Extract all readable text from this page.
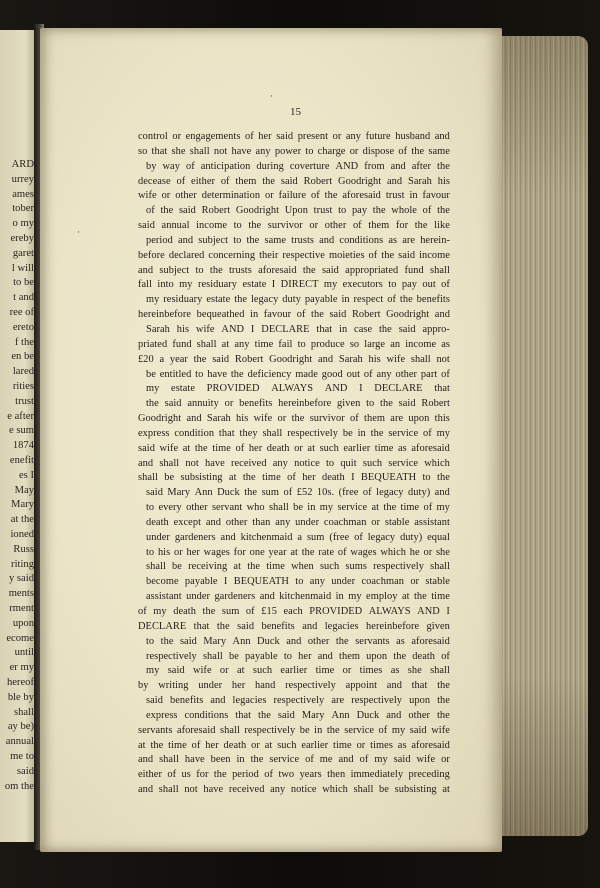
ARD
urrey
ames
tober
o my
ereby
garet
l will
to be
t and
ree of
ereto
f the
en be
lared
rities
trust
e after
e sum
1874
enefit
es I
May
Mary
at the
ioned
Russ
riting
y said
ments
rment
upon
ecome
until
er my
hereof
ble by
shall
ay be)
annual
me to
said
om the
·
·
15
control or engagements of her said present or any future husband and
so that she shall not have any power to charge or dispose of the same
by way of anticipation during coverture AND from and after the
decease of either of them the said Robert Goodright and Sarah his
wife or other determination or failure of the aforesaid trust in favour
of the said Robert Goodright Upon trust to pay the whole of the
said annual income to the survivor or other of them for the like
period and subject to the same trusts and conditions as are herein-
before declared concerning their respective moieties of the said income
and subject to the trusts aforesaid the said appropriated fund shall
fall into my residuary estate I DIRECT my executors to pay out of
my residuary estate the legacy duty payable in respect of the benefits
hereinbefore bequeathed in favour of the said Robert Goodright and
Sarah his wife AND I DECLARE that in case the said appro-
priated fund shall at any time fail to produce so large an income as
£20 a year the said Robert Goodright and Sarah his wife shall not
be entitled to have the deficiency made good out of any other part of
my estate PROVIDED ALWAYS AND I DECLARE that
the said annuity or benefits hereinbefore given to the said Robert
Goodright and Sarah his wife or the survivor of them are upon this
express condition that they shall respectively be in the service of my
said wife at the time of her death or at such earlier time as aforesaid
and shall not have received any notice to quit such service which
shall be subsisting at the time of her death I BEQUEATH to the
said Mary Ann Duck the sum of £52 10s. (free of legacy duty) and
to every other servant who shall be in my service at the time of my
death except and other than any under coachman or stable assistant
under gardeners and kitchenmaid a sum (free of legacy duty) equal
to his or her wages for one year at the rate of wages which he or she
shall be receiving at the time when such sums respectively shall
become payable I BEQUEATH to any under coachman or stable
assistant under gardeners and kitchenmaid in my employ at the time
of my death the sum of £15 each PROVIDED ALWAYS AND I
DECLARE that the said benefits and legacies hereinbefore given
to the said Mary Ann Duck and other the servants as aforesaid
respectively shall be payable to her and them upon the death of
my said wife or at such earlier time or times as she shall
by writing under her hand respectively appoint and that the
said benefits and legacies respectively are respectively upon the
express conditions that the said Mary Ann Duck and other the
servants aforesaid shall respectively be in the service of my said wife
at the time of her death or at such earlier time or times as aforesaid
and shall have been in the service of me and of my said wife or
either of us for the period of two years then immediately preceding
and shall not have received any notice which shall be subsisting at
